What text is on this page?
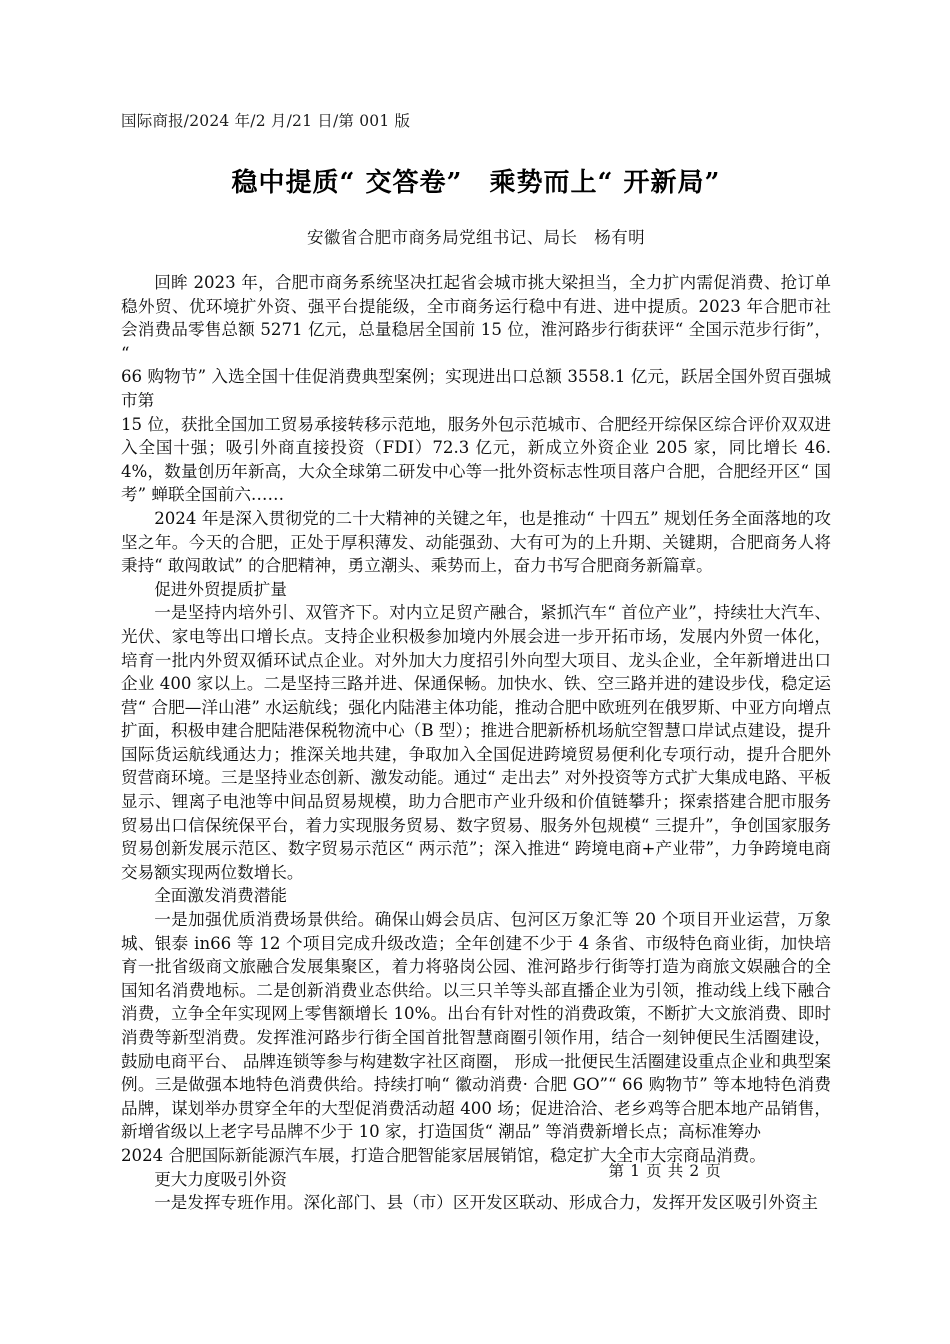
国际商报/2024 年/2 月/21 日/第 001 版
稳中提质“ 交答卷”　乘势而上“ 开新局”
安徽省合肥市商务局党组书记、局长　杨有明

回眸 2023 年，合肥市商务系统坚决扛起省会城市挑大梁担当，全力扩内需促消费、抢订单稳外贸、优环境扩外资、强平台提能级，全市商务运行稳中有进、进中提质。2023 年合肥市社会消费品零售总额 5271 亿元，总量稳居全国前 15 位，淮河路步行街获评“ 全国示范步行街”，“

66 购物节” 入选全国十佳促消费典型案例；实现进出口总额 3558.1 亿元，跃居全国外贸百强城市第

15 位，获批全国加工贸易承接转移示范地，服务外包示范城市、合肥经开综保区综合评价双双进入全国十强；吸引外商直接投资（FDI）72.3 亿元，新成立外资企业 205 家，同比增长 46.4%，数量创历年新高，大众全球第二研发中心等一批外资标志性项目落户合肥，合肥经开区“ 国考” 蝉联全国前六……

2024 年是深入贯彻党的二十大精神的关键之年，也是推动“ 十四五” 规划任务全面落地的攻坚之年。今天的合肥，正处于厚积薄发、动能强劲、大有可为的上升期、关键期，合肥商务人将秉持“ 敢闯敢试” 的合肥精神，勇立潮头、乘势而上，奋力书写合肥商务新篇章。

促进外贸提质扩量

一是坚持内培外引、双管齐下。对内立足贸产融合，紧抓汽车“ 首位产业”，持续壮大汽车、光伏、家电等出口增长点。支持企业积极参加境内外展会进一步开拓市场，发展内外贸一体化，培育一批内外贸双循环试点企业。对外加大力度招引外向型大项目、龙头企业，全年新增进出口企业 400 家以上。二是坚持三路并进、保通保畅。加快水、铁、空三路并进的建设步伐，稳定运营“ 合肥—洋山港” 水运航线；强化内陆港主体功能，推动合肥中欧班列在俄罗斯、中亚方向增点扩面，积极申建合肥陆港保税物流中心（B 型）；推进合肥新桥机场航空智慧口岸试点建设，提升国际货运航线通达力；推深关地共建，争取加入全国促进跨境贸易便利化专项行动，提升合肥外贸营商环境。三是坚持业态创新、激发动能。通过“ 走出去” 对外投资等方式扩大集成电路、平板显示、锂离子电池等中间品贸易规模，助力合肥市产业升级和价值链攀升；探索搭建合肥市服务贸易出口信保统保平台，着力实现服务贸易、数字贸易、服务外包规模“ 三提升”，争创国家服务贸易创新发展示范区、数字贸易示范区“ 两示范”；深入推进“ 跨境电商+产业带”，力争跨境电商交易额实现两位数增长。

全面激发消费潜能

一是加强优质消费场景供给。确保山姆会员店、包河区万象汇等 20 个项目开业运营，万象城、银泰 in66 等 12 个项目完成升级改造；全年创建不少于 4 条省、市级特色商业街，加快培育一批省级商文旅融合发展集聚区，着力将骆岗公园、淮河路步行街等打造为商旅文娱融合的全国知名消费地标。二是创新消费业态供给。以三只羊等头部直播企业为引领，推动线上线下融合消费，立争全年实现网上零售额增长 10%。出台有针对性的消费政策，不断扩大文旅消费、即时消费等新型消费。发挥淮河路步行街全国首批智慧商圈引领作用，结合一刻钟便民生活圈建设，鼓励电商平台、 品牌连锁等参与构建数字社区商圈， 形成一批便民生活圈建设重点企业和典型案例。三是做强本地特色消费供给。持续打响“ 徽动消费· 合肥 GO”“ 66 购物节” 等本地特色消费品牌，谋划举办贯穿全年的大型促消费活动超 400 场；促进洽洽、老乡鸡等合肥本地产品销售，新增省级以上老字号品牌不少于 10 家，打造国货“ 潮品” 等消费新增长点；高标准筹办

2024 合肥国际新能源汽车展，打造合肥智能家居展销馆，稳定扩大全市大宗商品消费。

更大力度吸引外资

一是发挥专班作用。深化部门、县（市）区开发区联动、形成合力，发挥开发区吸引外资主

第 1 页 共 2 页
